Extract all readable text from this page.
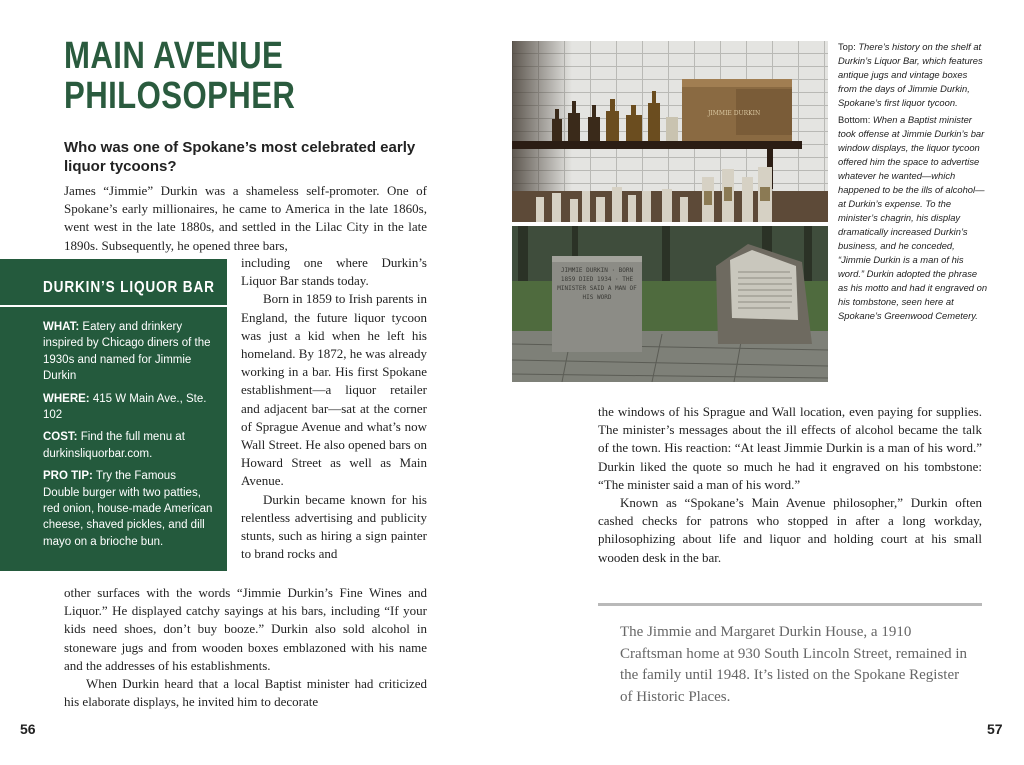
MAIN AVENUE
PHILOSOPHER
Who was one of Spokane’s most celebrated early liquor tycoons?

James “Jimmie” Durkin was a shameless self-promoter. One of Spokane’s early millionaires, he came to America in the late 1860s, went west in the late 1880s, and settled in the Lilac City in the late 1890s. Subsequently, he opened three bars,

including one where Durkin’s Liquor Bar stands today.

Born in 1859 to Irish parents in England, the future liquor tycoon was just a kid when he left his homeland. By 1872, he was already working in a bar. His first Spokane establishment—a liquor retailer and adjacent bar—sat at the corner of Sprague Avenue and what’s now Wall Street. He also opened bars on Howard Street as well as Main Avenue.

Durkin became known for his relentless advertising and publicity stunts, such as hiring a sign painter to brand rocks and

other surfaces with the words “Jimmie Durkin’s Fine Wines and Liquor.” He displayed catchy sayings at his bars, including “If your kids need shoes, don’t buy booze.” Durkin also sold alcohol in stoneware jugs and from wooden boxes emblazoned with his name and the addresses of his establishments.

When Durkin heard that a local Baptist minister had criticized his elaborate displays, he invited him to decorate

DURKIN’S LIQUOR BAR
WHAT: Eatery and drinkery inspired by Chicago diners of the 1930s and named for Jimmie Durkin
WHERE: 415 W Main Ave., Ste. 102
COST: Find the full menu at durkinsliquorbar.com.
PRO TIP: Try the Famous Double burger with two patties, red onion, house-made American cheese, shaved pickles, and dill mayo on a brioche bun.
56
JIMMIE DURKIN
JIMMIE DURKIN · BORN 1859 DIED 1934 · THE MINISTER SAID A MAN OF HIS WORD
Top: There’s history on the shelf at Durkin’s Liquor Bar, which features antique jugs and vintage boxes from the days of Jimmie Durkin, Spokane’s first liquor tycoon.
Bottom: When a Baptist minister took offense at Jimmie Durkin’s bar window displays, the liquor tycoon offered him the space to advertise whatever he wanted—which happened to be the ills of alcohol—at Durkin’s expense. To the minister’s chagrin, his display dramatically increased Durkin’s business, and he conceded, “Jimmie Durkin is a man of his word.” Durkin adopted the phrase as his motto and had it engraved on his tombstone, seen here at Spokane’s Greenwood Cemetery.

the windows of his Sprague and Wall location, even paying for supplies. The minister’s messages about the ill effects of alcohol became the talk of the town. His reaction: “At least Jimmie Durkin is a man of his word.” Durkin liked the quote so much he had it engraved on his tombstone: “The minister said a man of his word.”

Known as “Spokane’s Main Avenue philosopher,” Durkin often cashed checks for patrons who stopped in after a long workday, philosophizing about life and liquor and holding court at his small wooden desk in the bar.

The Jimmie and Margaret Durkin House, a 1910 Craftsman home at 930 South Lincoln Street, remained in the family until 1948. It’s listed on the Spokane Register of Historic Places.
57
